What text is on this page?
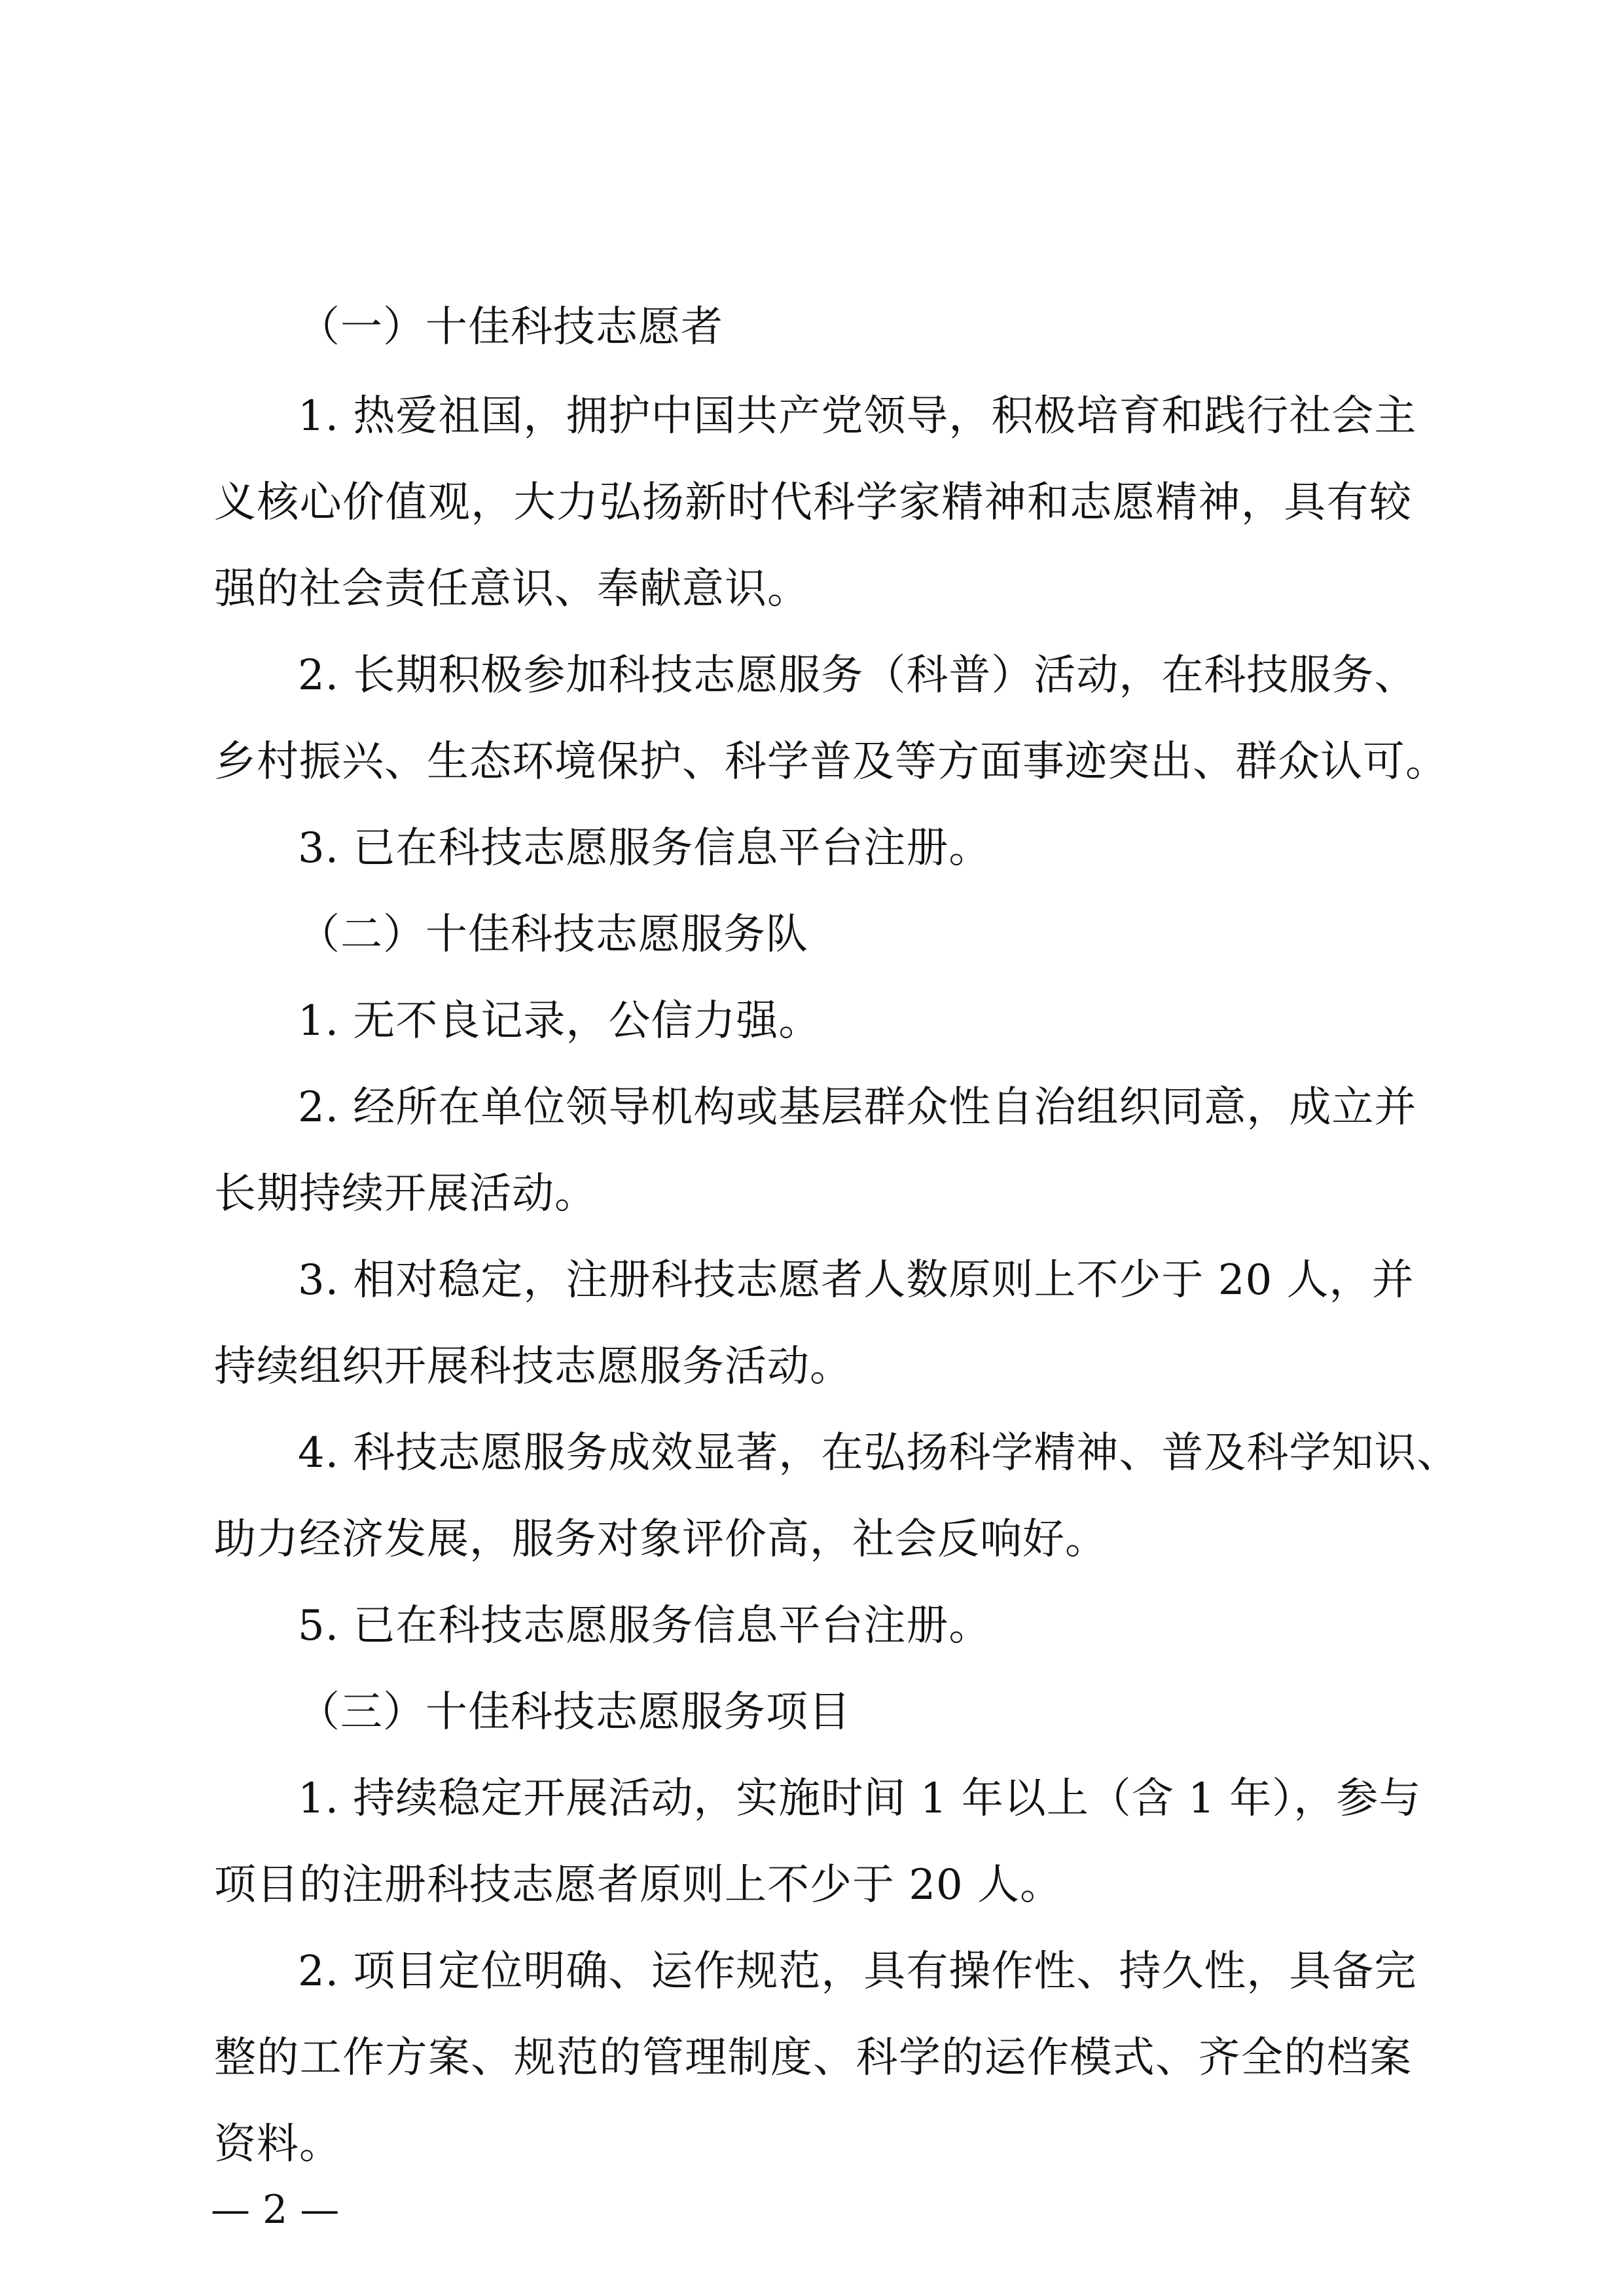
（一）十佳科技志愿者
1. 热爱祖国，拥护中国共产党领导，积极培育和践行社会主
义核心价值观，大力弘扬新时代科学家精神和志愿精神，具有较
强的社会责任意识、奉献意识。
2. 长期积极参加科技志愿服务（科普）活动，在科技服务、
乡村振兴、生态环境保护、科学普及等方面事迹突出、群众认可。
3. 已在科技志愿服务信息平台注册。
（二）十佳科技志愿服务队
1. 无不良记录，公信力强。
2. 经所在单位领导机构或基层群众性自治组织同意，成立并
长期持续开展活动。
3. 相对稳定，注册科技志愿者人数原则上不少于 20 人，并
持续组织开展科技志愿服务活动。
4. 科技志愿服务成效显著，在弘扬科学精神、普及科学知识、
助力经济发展，服务对象评价高，社会反响好。
5. 已在科技志愿服务信息平台注册。
（三）十佳科技志愿服务项目
1. 持续稳定开展活动，实施时间 1 年以上（含 1 年），参与
项目的注册科技志愿者原则上不少于 20 人。
2. 项目定位明确、运作规范，具有操作性、持久性，具备完
整的工作方案、规范的管理制度、科学的运作模式、齐全的档案
资料。
— 2 —
